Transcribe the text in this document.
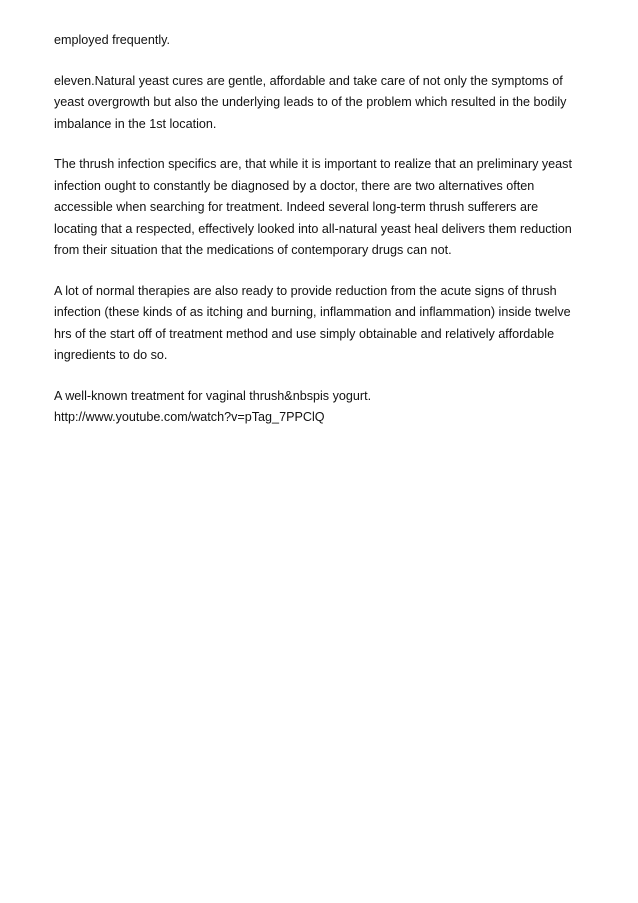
employed frequently.

eleven.Natural yeast cures are gentle, affordable and take care of not only the symptoms of
yeast overgrowth but also the underlying leads to of the problem which resulted in the bodily
imbalance in the 1st location.

The thrush infection specifics are, that while it is important to realize that an preliminary yeast
infection ought to constantly be diagnosed by a doctor, there are two alternatives often
accessible when searching for treatment. Indeed several long-term thrush sufferers are
locating that a respected, effectively looked into all-natural yeast heal delivers them reduction
from their situation that the medications of contemporary drugs can not.

A lot of normal therapies are also ready to provide reduction from the acute signs of thrush
infection (these kinds of as itching and burning, inflammation and inflammation) inside twelve
hrs of the start off of treatment method and use simply obtainable and relatively affordable
ingredients to do so.

A well-known treatment for vaginal thrush&nbspis yogurt.
http://www.youtube.com/watch?v=pTag_7PPClQ
